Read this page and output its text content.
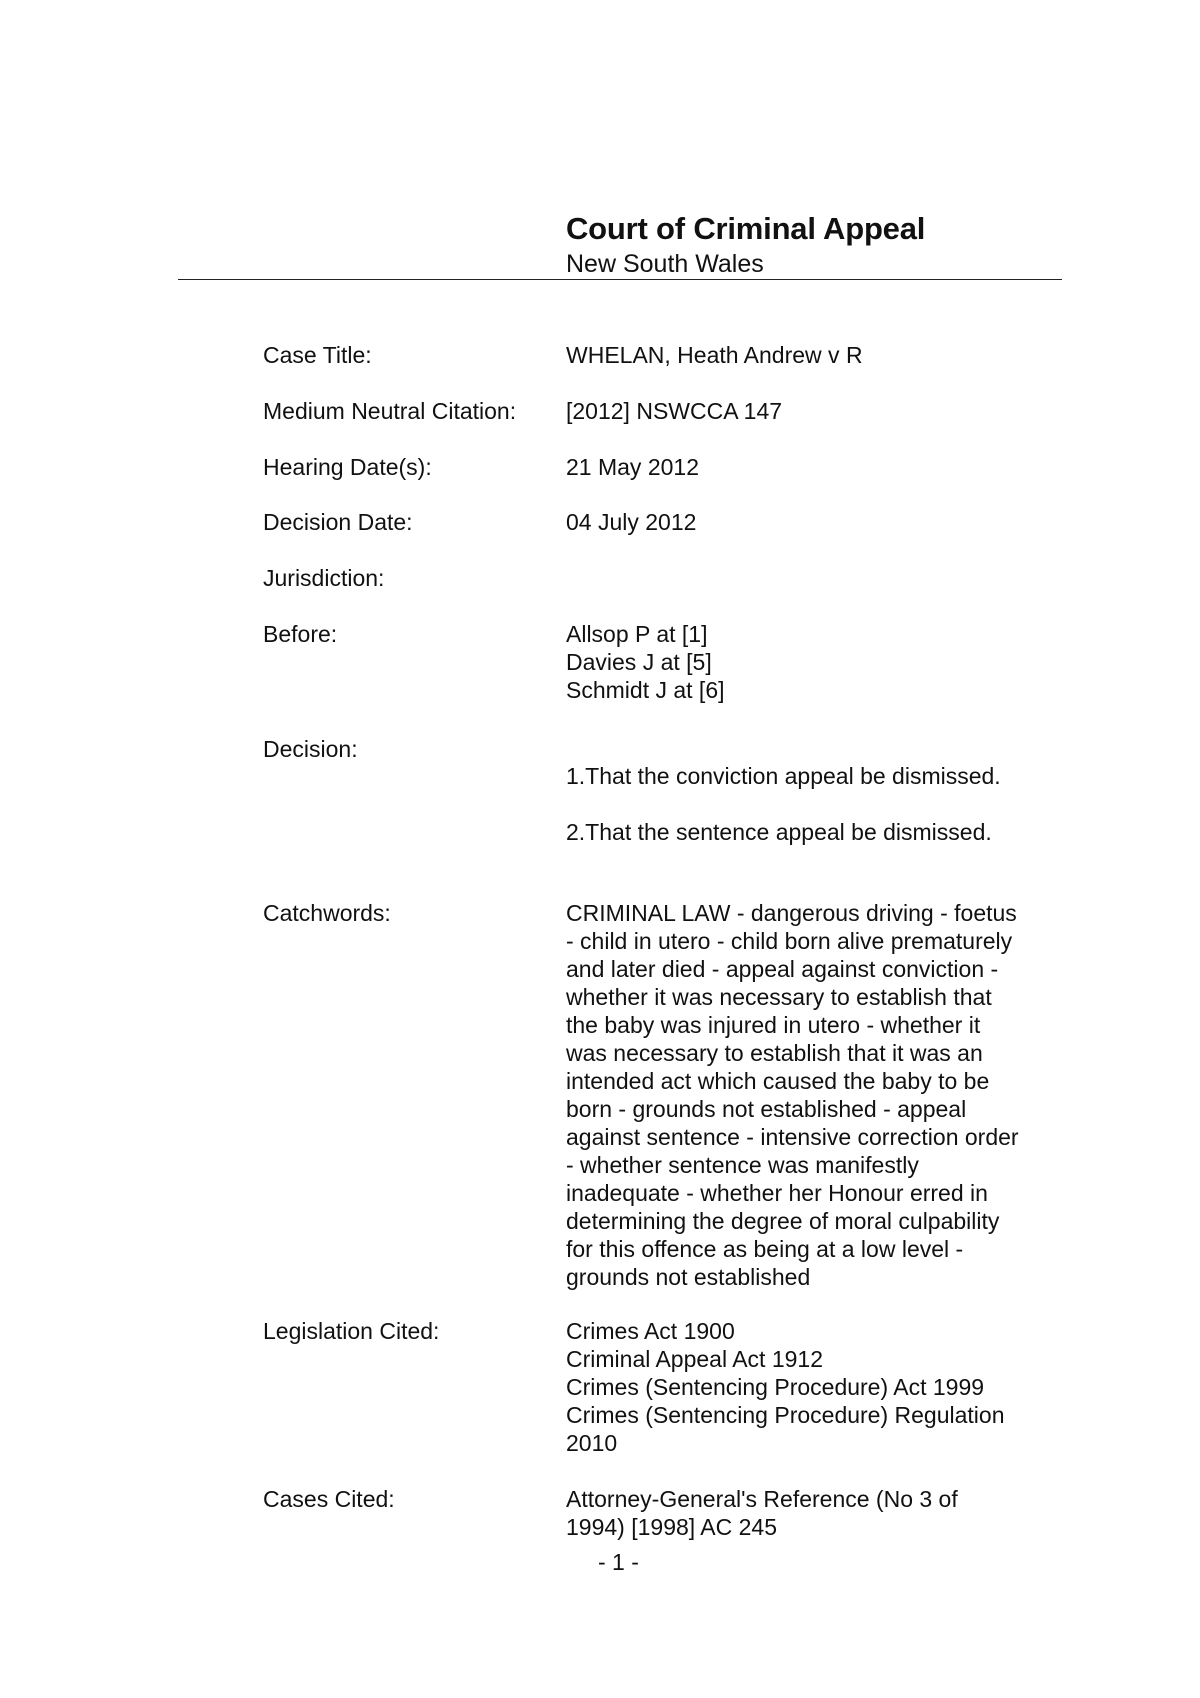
Court of Criminal Appeal
New South Wales
Case Title:	WHELAN, Heath Andrew v R
Medium Neutral Citation: [2012] NSWCCA 147
Hearing Date(s):	21 May 2012
Decision Date:	04 July 2012
Jurisdiction:
Before:	Allsop P at [1]
Davies J at [5]
Schmidt J at [6]
Decision:
1.That the conviction appeal be dismissed.
2.That the sentence appeal be dismissed.
Catchwords:	CRIMINAL LAW - dangerous driving - foetus
- child in utero - child born alive prematurely
and later died - appeal against conviction -
whether it was necessary to establish that
the baby was injured in utero - whether it
was necessary to establish that it was an
intended act which caused the baby to be
born - grounds not established - appeal
against sentence - intensive correction order
- whether sentence was manifestly
inadequate - whether her Honour erred in
determining the degree of moral culpability
for this offence as being at a low level -
grounds not established
Legislation Cited:	Crimes Act 1900
Criminal Appeal Act 1912
Crimes (Sentencing Procedure) Act 1999
Crimes (Sentencing Procedure) Regulation
2010
Cases Cited:	Attorney-General's Reference (No 3 of
1994) [1998] AC 245
- 1 -
